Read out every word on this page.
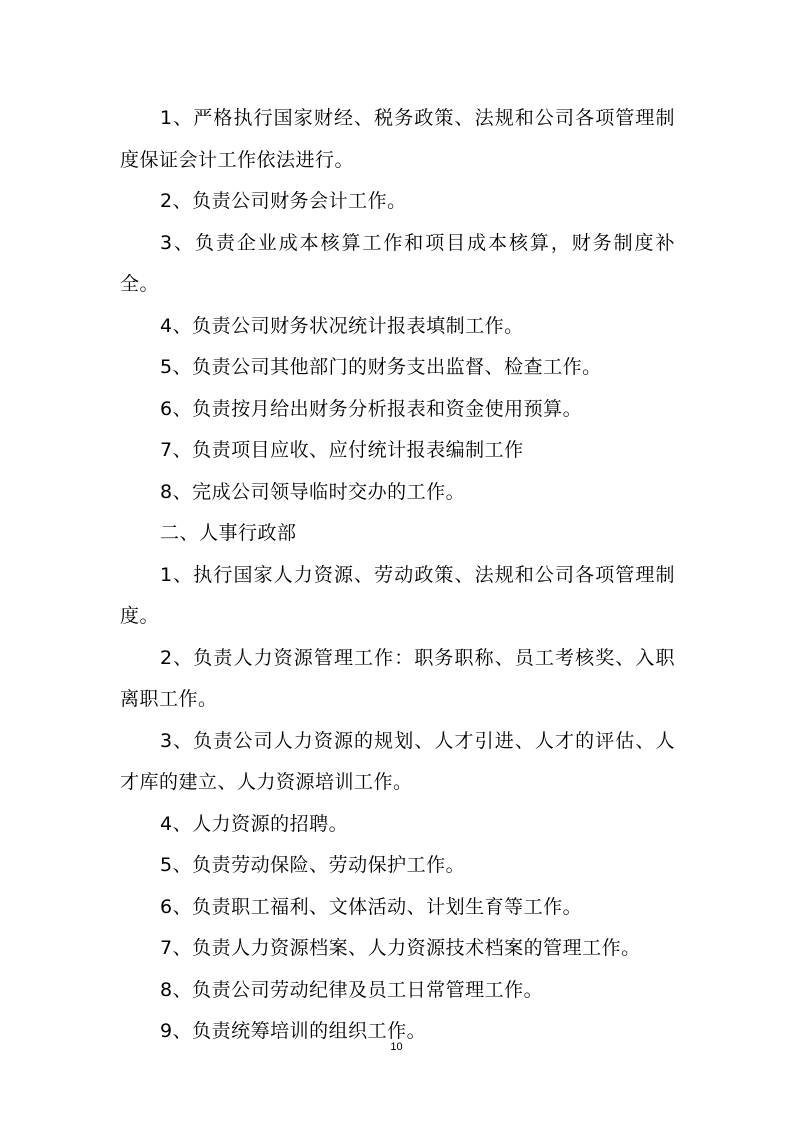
1、严格执行国家财经、税务政策、法规和公司各项管理制度保证会计工作依法进行。

2、负责公司财务会计工作。

3、负责企业成本核算工作和项目成本核算，财务制度补全。

4、负责公司财务状况统计报表填制工作。

5、负责公司其他部门的财务支出监督、检查工作。

6、负责按月给出财务分析报表和资金使用预算。

7、负责项目应收、应付统计报表编制工作

8、完成公司领导临时交办的工作。

二、人事行政部

1、执行国家人力资源、劳动政策、法规和公司各项管理制度。

2、负责人力资源管理工作：职务职称、员工考核奖、入职离职工作。

3、负责公司人力资源的规划、人才引进、人才的评估、人才库的建立、人力资源培训工作。

4、人力资源的招聘。

5、负责劳动保险、劳动保护工作。

6、负责职工福利、文体活动、计划生育等工作。

7、负责人力资源档案、人力资源技术档案的管理工作。

8、负责公司劳动纪律及员工日常管理工作。

9、负责统筹培训的组织工作。

10
